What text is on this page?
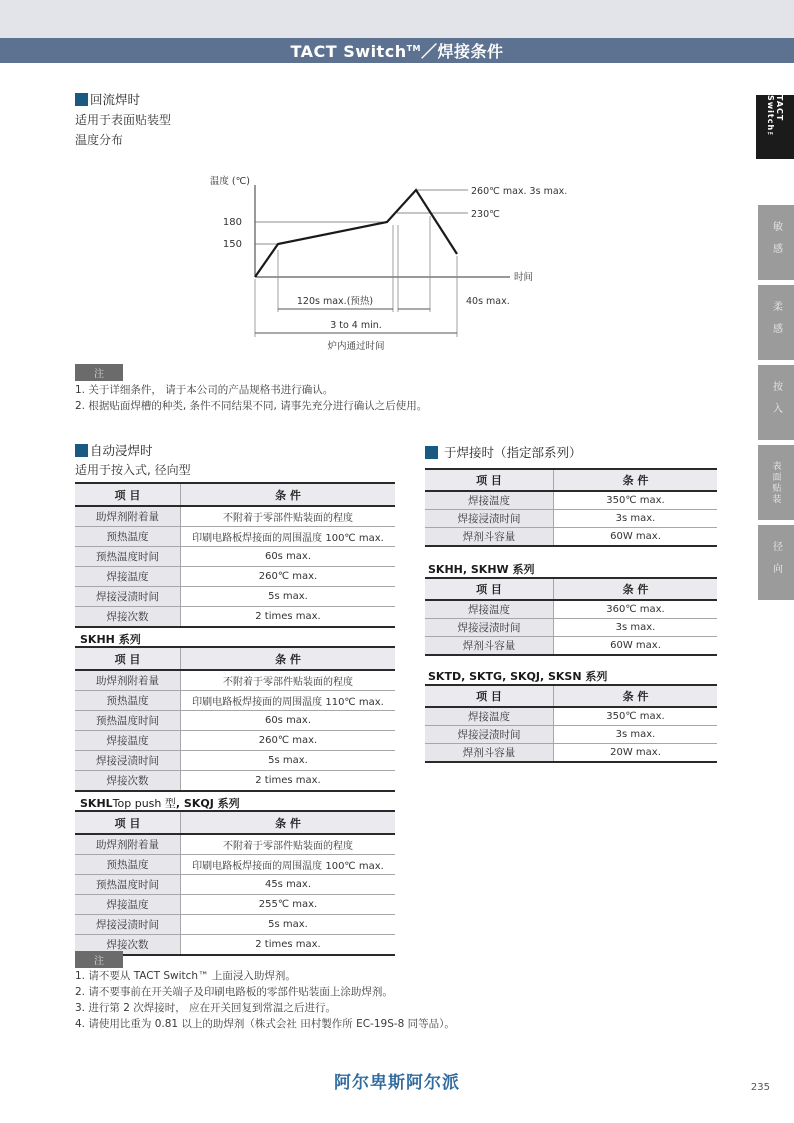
TACT Switch™／焊接条件
TACT Switch™
敏感
柔感
按入
表面贴装
径向
回流焊时
适用于表面贴装型
温度分布
温度 (℃)
180
150
260℃ max. 3s max.
230℃
时间
120s max.(预热)	40s max.
3 to 4 min.
炉内通过时间
注
1. 关于详细条件， 请于本公司的产品规格书进行确认。
2. 根据贴面焊槽的种类, 条件不同结果不同, 请事先充分进行确认之后使用。
自动浸焊时
适用于按入式, 径向型
项 目	条 件
助焊剂附着量	不附着于零部件贴装面的程度
预热温度	印刷电路板焊接面的周围温度 100℃ max.
预热温度时间	60s max.
焊接温度	260℃ max.
焊接浸渍时间	5s max.
焊接次数	2 times max.
SKHH 系列
项 目	条 件
助焊剂附着量	不附着于零部件贴装面的程度
预热温度	印刷电路板焊接面的周围温度 110℃ max.
预热温度时间	60s max.
焊接温度	260℃ max.
焊接浸渍时间	5s max.
焊接次数	2 times max.
SKHLTop push 型, SKQJ 系列
项 目	条 件
助焊剂附着量	不附着于零部件贴装面的程度
预热温度	印刷电路板焊接面的周围温度 100℃ max.
预热温度时间	45s max.
焊接温度	255℃ max.
焊接浸渍时间	5s max.
焊接次数	2 times max.
注
1. 请不要从 TACT Switch™ 上面浸入助焊剂。
2. 请不要事前在开关端子及印刷电路板的零部件贴装面上涂助焊剂。
3. 进行第 2 次焊接时， 应在开关回复到常温之后进行。
4. 请使用比重为 0.81 以上的助焊剂（株式会社 田村製作所 EC-19S-8 同等品）。
于焊接时（指定部系列）
项 目	条 件
焊接温度	350℃ max.
焊接浸渍时间	3s max.
焊剂斗容量	60W max.
SKHH, SKHW 系列
项 目	条 件
焊接温度	360℃ max.
焊接浸渍时间	3s max.
焊剂斗容量	60W max.
SKTD, SKTG, SKQJ, SKSN 系列
项 目	条 件
焊接温度	350℃ max.
焊接浸渍时间	3s max.
焊剂斗容量	20W max.
阿尔卑斯阿尔派	235
